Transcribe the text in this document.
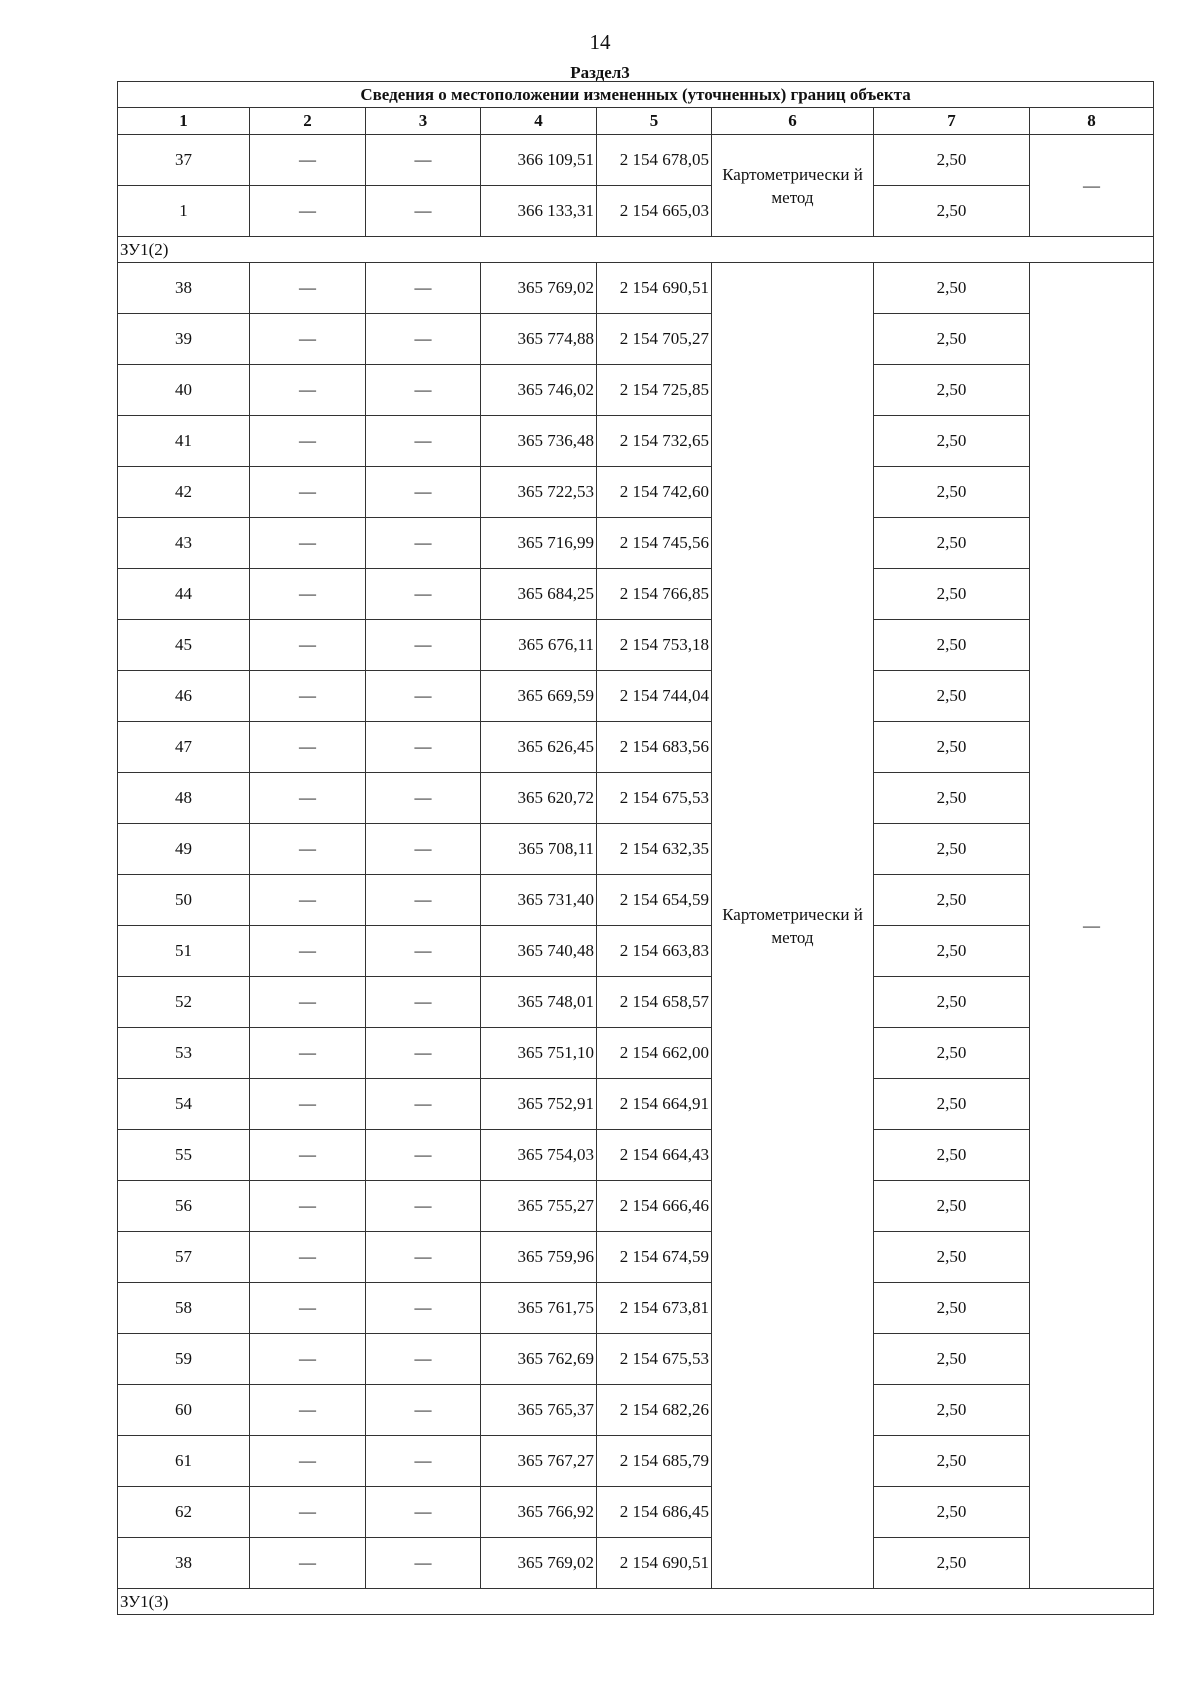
14
Раздел3
Сведения о местоположении измененных (уточненных) границ объекта							
1	2	3	4	5	6	7	8
37	—	—	366 109,51	2 154 678,05	Картометрически й метод	2,50	—
1	—	—	366 133,31	2 154 665,03		2,50	
ЗУ1(2)							
38	—	—	365 769,02	2 154 690,51	Картометрически й метод	2,50	—
39	—	—	365 774,88	2 154 705,27		2,50	
40	—	—	365 746,02	2 154 725,85		2,50	
41	—	—	365 736,48	2 154 732,65		2,50	
42	—	—	365 722,53	2 154 742,60		2,50	
43	—	—	365 716,99	2 154 745,56		2,50	
44	—	—	365 684,25	2 154 766,85		2,50	
45	—	—	365 676,11	2 154 753,18		2,50	
46	—	—	365 669,59	2 154 744,04		2,50	
47	—	—	365 626,45	2 154 683,56		2,50	
48	—	—	365 620,72	2 154 675,53		2,50	
49	—	—	365 708,11	2 154 632,35		2,50	
50	—	—	365 731,40	2 154 654,59		2,50	
51	—	—	365 740,48	2 154 663,83		2,50	
52	—	—	365 748,01	2 154 658,57		2,50	
53	—	—	365 751,10	2 154 662,00		2,50	
54	—	—	365 752,91	2 154 664,91		2,50	
55	—	—	365 754,03	2 154 664,43		2,50	
56	—	—	365 755,27	2 154 666,46		2,50	
57	—	—	365 759,96	2 154 674,59		2,50	
58	—	—	365 761,75	2 154 673,81		2,50	
59	—	—	365 762,69	2 154 675,53		2,50	
60	—	—	365 765,37	2 154 682,26		2,50	
61	—	—	365 767,27	2 154 685,79		2,50	
62	—	—	365 766,92	2 154 686,45		2,50	
38	—	—	365 769,02	2 154 690,51		2,50	
ЗУ1(3)							
